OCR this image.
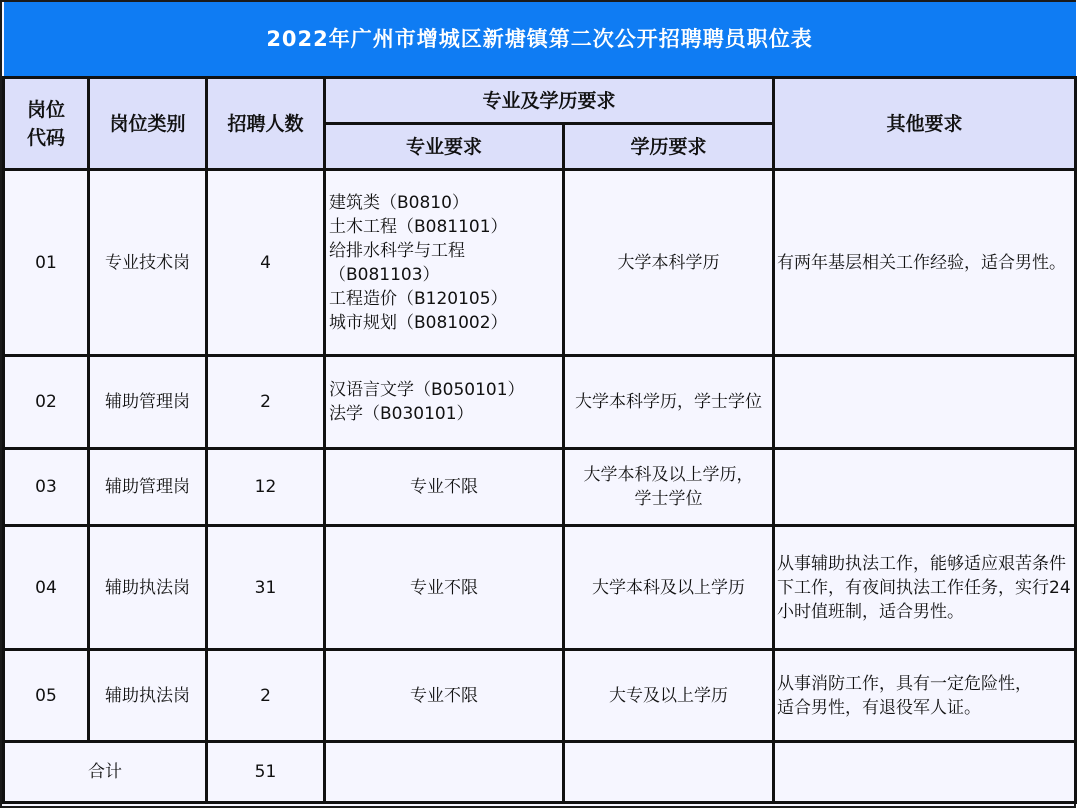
2022年广州市增城区新塘镇第二次公开招聘聘员职位表					

岗位
代码	岗位类别	招聘人数	专业及学历要求		其他要求
			专业要求	学历要求	
01	专业技术岗	4	
建筑类（B0810）
土木工程（B081101）
给排水科学与工程
（B081103）
工程造价（B120105）
城市规划（B081002）
	大学本科学历	有两年基层相关工作经验，适合男性。
02	辅助管理岗	2	汉语言文学（B050101）
法学（B030101）	大学本科学历，学士学位	
03	辅助管理岗	12	专业不限	大学本科及以上学历，学士学位	
04	辅助执法岗	31	专业不限	大学本科及以上学历	从事辅助执法工作，能够适应艰苦条件下工作，有夜间执法工作任务，实行24小时值班制，适合男性。
05	辅助执法岗	2	专业不限	大专及以上学历	从事消防工作，具有一定危险性，适合男性，有退役军人证。
合计		51			
